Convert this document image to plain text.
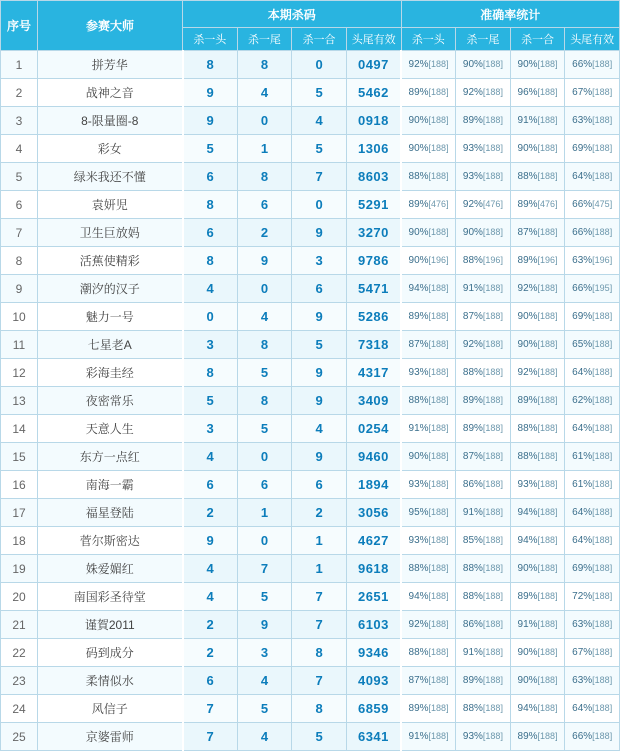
序号	参赛大师	本期杀码				准确率统计			
		杀一头	杀一尾	杀一合	头尾有效	杀一头	杀一尾	杀一合	头尾有效
1	拼芳华	8	8	0	0497	92%[188]	90%[188]	90%[188]	66%[188]
2	战神之音	9	4	5	5462	89%[188]	92%[188]	96%[188]	67%[188]
3	8-限量圈-8	9	0	4	0918	90%[188]	89%[188]	91%[188]	63%[188]
4	彩女	5	1	5	1306	90%[188]	93%[188]	90%[188]	69%[188]
5	绿米我还不懂	6	8	7	8603	88%[188]	93%[188]	88%[188]	64%[188]
6	袁妍児	8	6	0	5291	89%[476]	92%[476]	89%[476]	66%[475]
7	卫生巨放妈	6	2	9	3270	90%[188]	90%[188]	87%[188]	66%[188]
8	活蕉使精彩	8	9	3	9786	90%[196]	88%[196]	89%[196]	63%[196]
9	潮汐的汉子	4	0	6	5471	94%[188]	91%[188]	92%[188]	66%[195]
10	魅力一号	0	4	9	5286	89%[188]	87%[188]	90%[188]	69%[188]
11	七星老A	3	8	5	7318	87%[188]	92%[188]	90%[188]	65%[188]
12	彩海圭经	8	5	9	4317	93%[188]	88%[188]	92%[188]	64%[188]
13	夜密常乐	5	8	9	3409	88%[188]	89%[188]	89%[188]	62%[188]
14	天意人生	3	5	4	0254	91%[188]	89%[188]	88%[188]	64%[188]
15	东方一点红	4	0	9	9460	90%[188]	87%[188]	88%[188]	61%[188]
16	南海一霸	6	6	6	1894	93%[188]	86%[188]	93%[188]	61%[188]
17	福星登陆	2	1	2	3056	95%[188]	91%[188]	94%[188]	64%[188]
18	菅尔斯密达	9	0	1	4627	93%[188]	85%[188]	94%[188]	64%[188]
19	姝爱媚红	4	7	1	9618	88%[188]	88%[188]	90%[188]	69%[188]
20	南国彩圣待堂	4	5	7	2651	94%[188]	88%[188]	89%[188]	72%[188]
21	谨賀2011	2	9	7	6103	92%[188]	86%[188]	91%[188]	63%[188]
22	码到成分	2	3	8	9346	88%[188]	91%[188]	90%[188]	67%[188]
23	柔情似水	6	4	7	4093	87%[188]	89%[188]	90%[188]	63%[188]
24	风信子	7	5	8	6859	89%[188]	88%[188]	94%[188]	64%[188]
25	京婆雷师	7	4	5	6341	91%[188]	93%[188]	89%[188]	66%[188]
